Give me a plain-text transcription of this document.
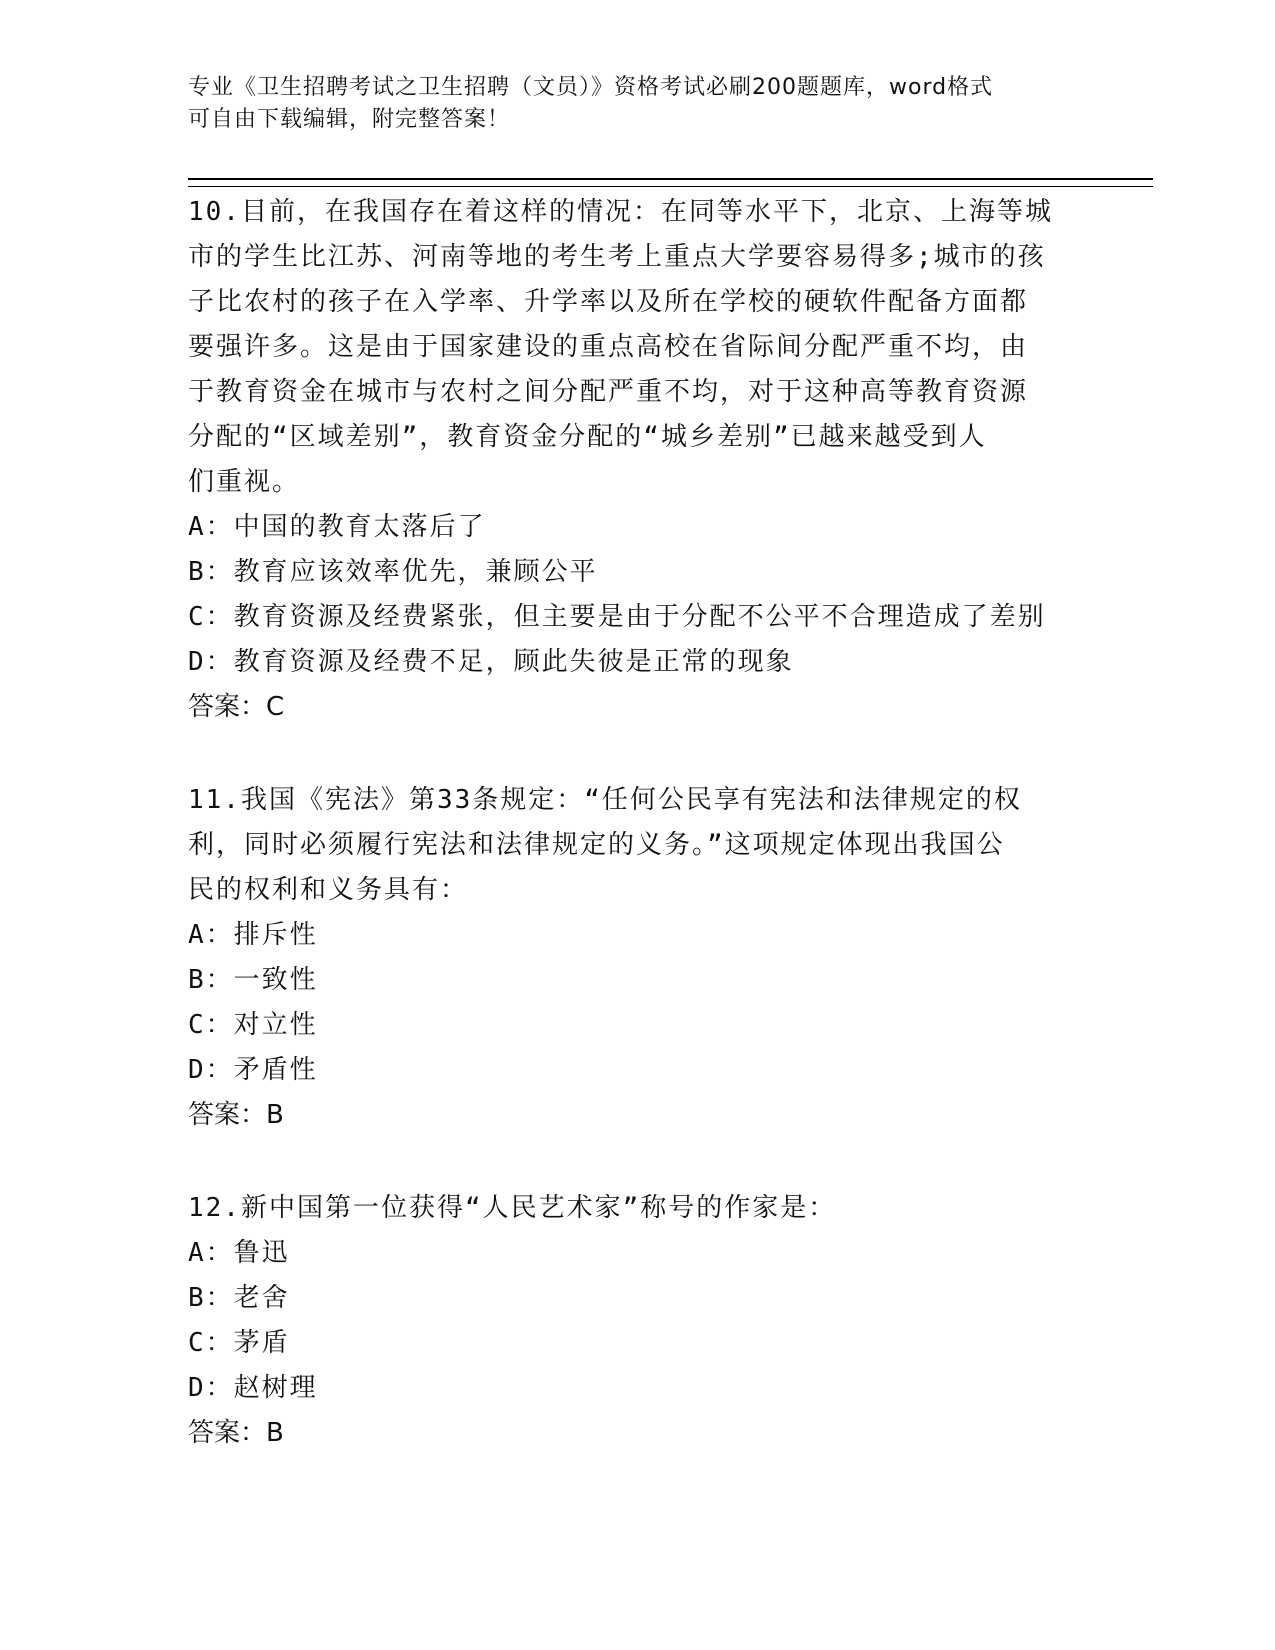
专业《卫生招聘考试之卫生招聘（文员）》资格考试必刷200题题库，word格式
可自由下载编辑，附完整答案！

10.目前，在我国存在着这样的情况：在同等水平下，北京、上海等城

市的学生比江苏、河南等地的考生考上重点大学要容易得多;城市的孩

子比农村的孩子在入学率、升学率以及所在学校的硬软件配备方面都

要强许多。这是由于国家建设的重点高校在省际间分配严重不均，由

于教育资金在城市与农村之间分配严重不均，对于这种高等教育资源

分配的“区域差别”，教育资金分配的“城乡差别”已越来越受到人

们重视。

A：中国的教育太落后了

B：教育应该效率优先，兼顾公平

C：教育资源及经费紧张，但主要是由于分配不公平不合理造成了差别

D：教育资源及经费不足，顾此失彼是正常的现象

答案：C

11.我国《宪法》第33条规定：“任何公民享有宪法和法律规定的权

利，同时必须履行宪法和法律规定的义务。”这项规定体现出我国公

民的权利和义务具有：

A：排斥性

B：一致性

C：对立性

D：矛盾性

答案：B

12.新中国第一位获得“人民艺术家”称号的作家是：

A：鲁迅

B：老舍

C：茅盾

D：赵树理

答案：B
